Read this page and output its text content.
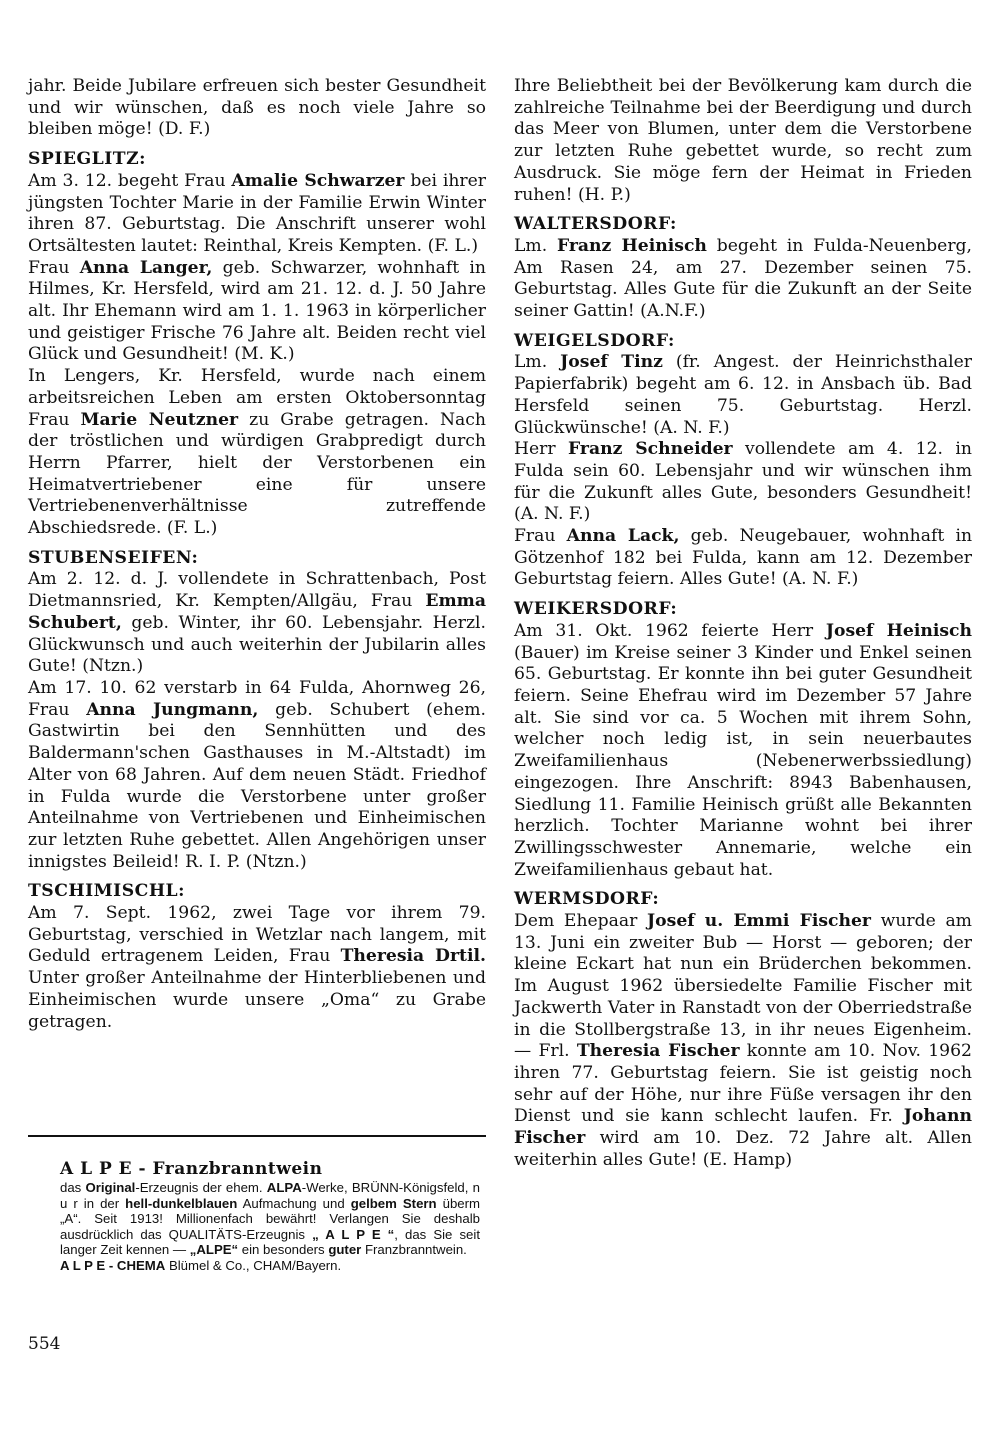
jahr. Beide Jubilare erfreuen sich bester Gesundheit und wir wünschen, daß es noch viele Jahre so bleiben möge! (D. F.)

SPIEGLITZ:

Am 3. 12. begeht Frau Amalie Schwarzer bei ihrer jüngsten Tochter Marie in der Familie Erwin Winter ihren 87. Geburtstag. Die Anschrift unserer wohl Ortsältesten lautet: Reinthal, Kreis Kempten. (F. L.)

Frau Anna Langer, geb. Schwarzer, wohnhaft in Hilmes, Kr. Hersfeld, wird am 21. 12. d. J. 50 Jahre alt. Ihr Ehemann wird am 1. 1. 1963 in körperlicher und geistiger Frische 76 Jahre alt. Beiden recht viel Glück und Gesundheit! (M. K.)

In Lengers, Kr. Hersfeld, wurde nach einem arbeitsreichen Leben am ersten Oktobersonntag Frau Marie Neutzner zu Grabe getragen. Nach der tröstlichen und würdigen Grabpredigt durch Herrn Pfarrer, hielt der Verstorbenen ein Heimatvertriebener eine für unsere Vertriebenenverhältnisse zutreffende Abschiedsrede. (F. L.)

STUBENSEIFEN:

Am 2. 12. d. J. vollendete in Schrattenbach, Post Dietmannsried, Kr. Kempten/Allgäu, Frau Emma Schubert, geb. Winter, ihr 60. Lebensjahr. Herzl. Glückwunsch und auch weiterhin der Jubilarin alles Gute! (Ntzn.)

Am 17. 10. 62 verstarb in 64 Fulda, Ahornweg 26, Frau Anna Jungmann, geb. Schubert (ehem. Gastwirtin bei den Sennhütten und des Baldermann'schen Gasthauses in M.-Altstadt) im Alter von 68 Jahren. Auf dem neuen Städt. Friedhof in Fulda wurde die Verstorbene unter großer Anteilnahme von Vertriebenen und Einheimischen zur letzten Ruhe gebettet. Allen Angehörigen unser innigstes Beileid! R. I. P. (Ntzn.)

TSCHIMISCHL:

Am 7. Sept. 1962, zwei Tage vor ihrem 79. Geburtstag, verschied in Wetzlar nach langem, mit Geduld ertragenem Leiden, Frau Theresia Drtil. Unter großer Anteilnahme der Hinterbliebenen und Einheimischen wurde unsere „Oma“ zu Grabe getragen.

A L P E - Franzbranntwein

das Original-Erzeugnis der ehem. ALPA-Werke, BRÜNN-Königsfeld, n u r in der hell-dunkelblauen Aufmachung und gelbem Stern überm „A“. Seit 1913! Millionenfach bewährt! Verlangen Sie deshalb ausdrücklich das QUALITÄTS-Erzeugnis „ A L P E “, das Sie seit langer Zeit kennen — „ALPE“ ein besonders guter Franzbranntwein.

A L P E - CHEMA Blümel & Co., CHAM/Bayern.

554

Ihre Beliebtheit bei der Bevölkerung kam durch die zahlreiche Teilnahme bei der Beerdigung und durch das Meer von Blumen, unter dem die Verstorbene zur letzten Ruhe gebettet wurde, so recht zum Ausdruck. Sie möge fern der Heimat in Frieden ruhen! (H. P.)

WALTERSDORF:

Lm. Franz Heinisch begeht in Fulda-Neuenberg, Am Rasen 24, am 27. Dezember seinen 75. Geburtstag. Alles Gute für die Zukunft an der Seite seiner Gattin! (A.N.F.)

WEIGELSDORF:

Lm. Josef Tinz (fr. Angest. der Heinrichsthaler Papierfabrik) begeht am 6. 12. in Ansbach üb. Bad Hersfeld seinen 75. Geburtstag. Herzl. Glückwünsche! (A. N. F.)

Herr Franz Schneider vollendete am 4. 12. in Fulda sein 60. Lebensjahr und wir wünschen ihm für die Zukunft alles Gute, besonders Gesundheit! (A. N. F.)

Frau Anna Lack, geb. Neugebauer, wohnhaft in Götzenhof 182 bei Fulda, kann am 12. Dezember Geburtstag feiern. Alles Gute! (A. N. F.)

WEIKERSDORF:

Am 31. Okt. 1962 feierte Herr Josef Heinisch (Bauer) im Kreise seiner 3 Kinder und Enkel seinen 65. Geburtstag. Er konnte ihn bei guter Gesundheit feiern. Seine Ehefrau wird im Dezember 57 Jahre alt. Sie sind vor ca. 5 Wochen mit ihrem Sohn, welcher noch ledig ist, in sein neuerbautes Zweifamilienhaus (Nebenerwerbssiedlung) eingezogen. Ihre Anschrift: 8943 Babenhausen, Siedlung 11. Familie Heinisch grüßt alle Bekannten herzlich. Tochter Marianne wohnt bei ihrer Zwillingsschwester Annemarie, welche ein Zweifamilienhaus gebaut hat.

WERMSDORF:

Dem Ehepaar Josef u. Emmi Fischer wurde am 13. Juni ein zweiter Bub — Horst — geboren; der kleine Eckart hat nun ein Brüderchen bekommen. Im August 1962 übersiedelte Familie Fischer mit Jackwerth Vater in Ranstadt von der Oberriedstraße in die Stollbergstraße 13, in ihr neues Eigenheim. — Frl. Theresia Fischer konnte am 10. Nov. 1962 ihren 77. Geburtstag feiern. Sie ist geistig noch sehr auf der Höhe, nur ihre Füße versagen ihr den Dienst und sie kann schlecht laufen. Fr. Johann Fischer wird am 10. Dez. 72 Jahre alt. Allen weiterhin alles Gute! (E. Hamp)
